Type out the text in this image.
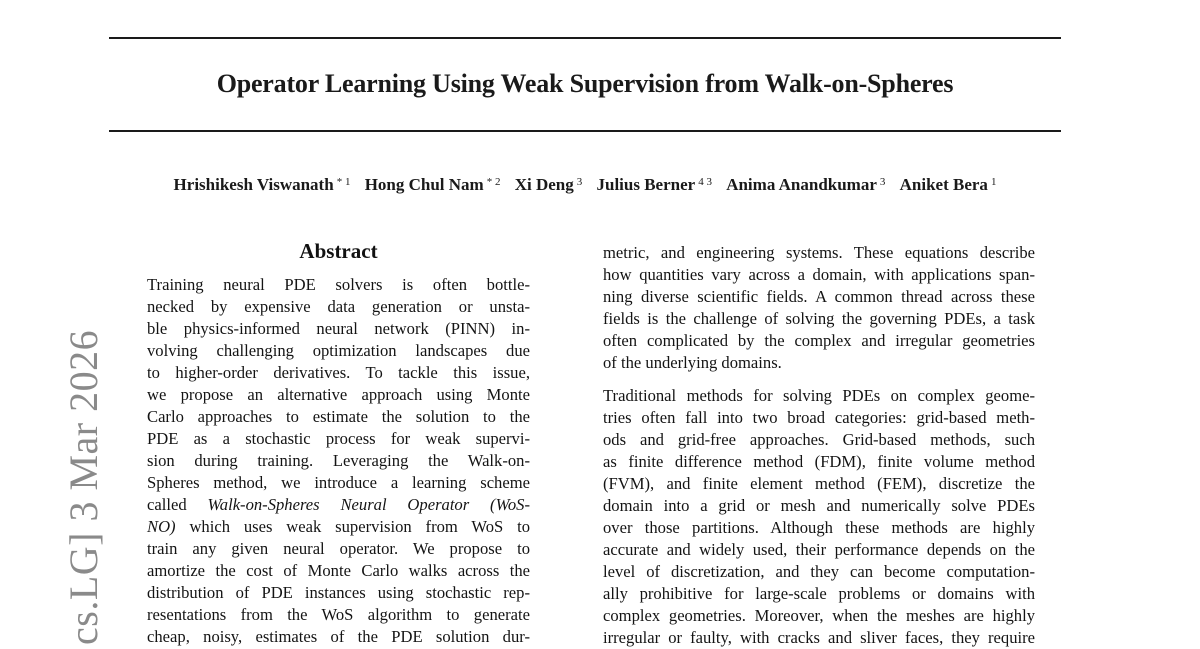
Operator Learning Using Weak Supervision from Walk-on-Spheres
Hrishikesh Viswanath $^{* 1}$ Hong Chul Nam $^{* 2}$ Xi Deng $^3$ Julius Berner $^{4 3}$ Anima Anandkumar $^3$ Aniket Bera $^1$
cs.LG] 3 Mar 2026
Abstract
Training neural PDE solvers is often bottle-
necked by expensive data generation or unsta-
ble physics-informed neural network (PINN) in-
volving challenging optimization landscapes due
to higher-order derivatives. To tackle this issue,
we propose an alternative approach using Monte
Carlo approaches to estimate the solution to the
PDE as a stochastic process for weak supervi-
sion during training. Leveraging the Walk-on-
Spheres method, we introduce a learning scheme
called Walk-on-Spheres Neural Operator (WoS-
NO) which uses weak supervision from WoS to
train any given neural operator. We propose to
amortize the cost of Monte Carlo walks across the
distribution of PDE instances using stochastic rep-
resentations from the WoS algorithm to generate
cheap, noisy, estimates of the PDE solution dur-
metric, and engineering systems. These equations describe
how quantities vary across a domain, with applications span-
ning diverse scientific fields. A common thread across these
fields is the challenge of solving the governing PDEs, a task
often complicated by the complex and irregular geometries
of the underlying domains.
Traditional methods for solving PDEs on complex geome-
tries often fall into two broad categories: grid-based meth-
ods and grid-free approaches. Grid-based methods, such
as finite difference method (FDM), finite volume method
(FVM), and finite element method (FEM), discretize the
domain into a grid or mesh and numerically solve PDEs
over those partitions. Although these methods are highly
accurate and widely used, their performance depends on the
level of discretization, and they can become computation-
ally prohibitive for large-scale problems or domains with
complex geometries. Moreover, when the meshes are highly
irregular or faulty, with cracks and sliver faces, they require
